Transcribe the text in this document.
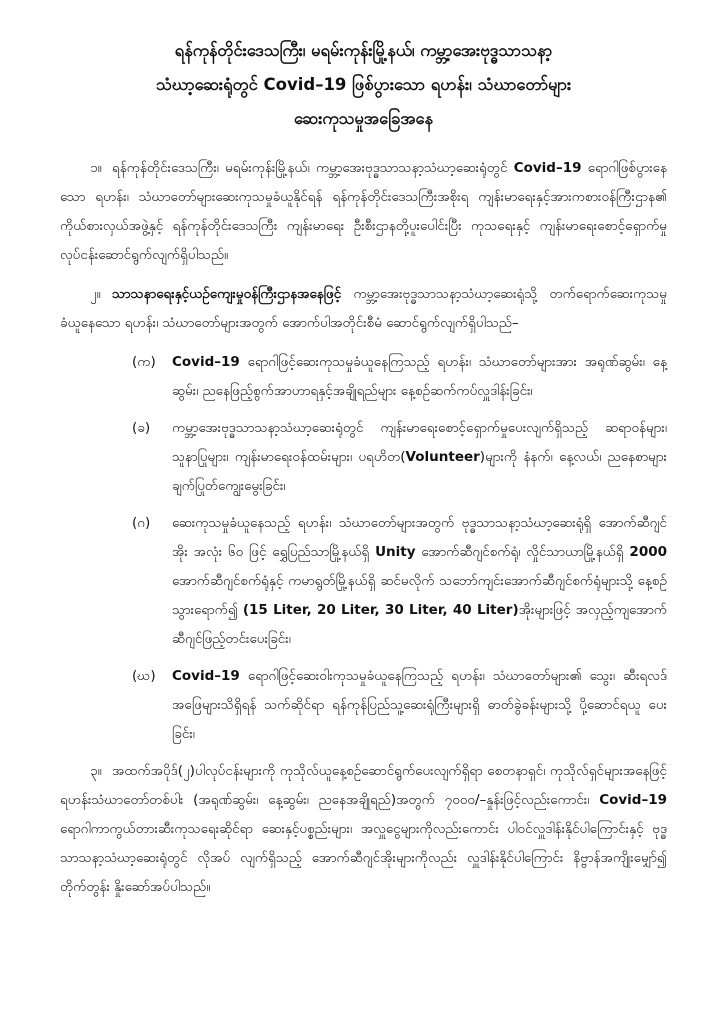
ရန်ကုန်တိုင်းဒေသကြီး၊ မရမ်းကုန်းမြို့နယ်၊ ကမ္ဘာ့အေးဗုဒ္ဓသာသနာ့
သံဃာ့ဆေးရုံတွင် Covid–19 ဖြစ်ပွားသော ရဟန်း၊ သံဃာတော်များ
ဆေးကုသမှုအခြေအနေ

၁။ ရန်ကုန်တိုင်းဒေသကြီး၊ မရမ်းကုန်းမြို့နယ်၊ ကမ္ဘာ့အေးဗုဒ္ဓသာသနာ့သံဃာ့ဆေးရုံတွင် Covid–19 ရောဂါဖြစ်ပွားနေသော ရဟန်း၊ သံဃာတော်များဆေးကုသမှုခံယူနိုင်ရန် ရန်ကုန်တိုင်းဒေသကြီးအစိုးရ ကျန်းမာရေးနှင့်အားကစားဝန်ကြီးဌာန၏ ကိုယ်စားလှယ်အဖွဲ့နှင့် ရန်ကုန်တိုင်းဒေသကြီး ကျန်းမာရေး ဦးစီးဌာနတို့ပူးပေါင်းပြီး ကုသရေးနှင့် ကျန်းမာရေးစောင့်ရှောက်မှုလုပ်ငန်းဆောင်ရွက်လျက်ရှိပါသည်။

၂။ သာသနာရေးနှင့်ယဉ်ကျေးမှုဝန်ကြီးဌာနအနေဖြင့် ကမ္ဘာ့အေးဗုဒ္ဓသာသနာ့သံဃာ့ဆေးရုံသို့ တက်ရောက်ဆေးကုသမှုခံယူနေသော ရဟန်း၊ သံဃာတော်များအတွက် အောက်ပါအတိုင်းစီမံ ဆောင်ရွက်လျက်ရှိပါသည်–

(က) Covid–19 ရောဂါဖြင့်ဆေးကုသမှုခံယူနေကြသည့် ရဟန်း၊ သံဃာတော်များအား အရုဏ်ဆွမ်း၊ နေ့ဆွမ်း၊ ညနေဖြည့်စွက်အာဟာရနှင့်အချိုရည်များ နေ့စဉ်ဆက်ကပ်လှူဒါန်းခြင်း၊
(ခ) ကမ္ဘာ့အေးဗုဒ္ဓသာသနာ့သံဃာ့ဆေးရုံတွင် ကျန်းမာရေးစောင့်ရှောက်မှုပေးလျက်ရှိသည့် ဆရာဝန်များ၊ သူနာပြုများ၊ ကျန်းမာရေးဝန်ထမ်းများ၊ ပရဟိတ(Volunteer)များကို နံနက်၊ နေ့လယ်၊ ညနေစာများ ချက်ပြုတ်ကျွေးမွေးခြင်း၊
(ဂ) ဆေးကုသမှုခံယူနေသည့် ရဟန်း၊ သံဃာတော်များအတွက် ဗုဒ္ဓသာသနာ့သံဃာ့ဆေးရုံရှိ အောက်ဆီဂျင်အိုး အလုံး ၆၀ ဖြင့် ရွှေပြည်သာမြို့နယ်ရှိ Unity အောက်ဆီဂျင်စက်ရုံ၊ လှိုင်သာယာမြို့နယ်ရှိ 2000 အောက်ဆီဂျင်စက်ရုံနှင့် ကမာရွတ်မြို့နယ်ရှိ ဆင်မလိုက် သဘော်ကျင်းအောက်ဆီဂျင်စက်ရုံများသို့ နေ့စဉ်သွားရောက်၍ (15 Liter, 20 Liter, 30 Liter, 40 Liter)အိုးများဖြင့် အလှည့်ကျအောက်ဆီဂျင်ဖြည့်တင်းပေးခြင်း၊
(ဃ) Covid–19 ရောဂါဖြင့်ဆေးဝါးကုသမှုခံယူနေကြသည့် ရဟန်း၊ သံဃာတော်များ၏ သွေး၊ ဆီးရလဒ်အဖြေများသိရှိရန် သက်ဆိုင်ရာ ရန်ကုန်ပြည်သူ့ဆေးရုံကြီးများရှိ ဓာတ်ခွဲခန်းများသို့ ပို့ဆောင်ရယူ ပေးခြင်း၊

၃။ အထက်အပိုဒ်(၂)ပါလုပ်ငန်းများကို ကုသိုလ်ယူနေ့စဉ်ဆောင်ရွက်ပေးလျက်ရှိရာ စေတနာရှင်၊ ကုသိုလ်ရှင်များအနေဖြင့် ရဟန်းသံဃာတော်တစ်ပါး (အရုဏ်ဆွမ်း၊ နေ့ဆွမ်း၊ ညနေအချိုရည်)အတွက် ၇၀၀၀/–နှုန်းဖြင့်လည်းကောင်း၊ Covid–19 ရောဂါကာကွယ်တားဆီးကုသရေးဆိုင်ရာ ဆေးနှင့်ပစ္စည်းများ၊ အလှူငွေများကိုလည်းကောင်း ပါဝင်လှူဒါန်းနိုင်ပါကြောင်းနှင့် ဗုဒ္ဓသာသနာ့သံဃာ့ဆေးရုံတွင် လိုအပ် လျက်ရှိသည့် အောက်ဆီဂျင်အိုးများကိုလည်း လှူဒါန်းနိုင်ပါကြောင်း နိဗ္ဗာန်အကျိုးမျှော်၍ တိုက်တွန်း နှိုးဆော်အပ်ပါသည်။
